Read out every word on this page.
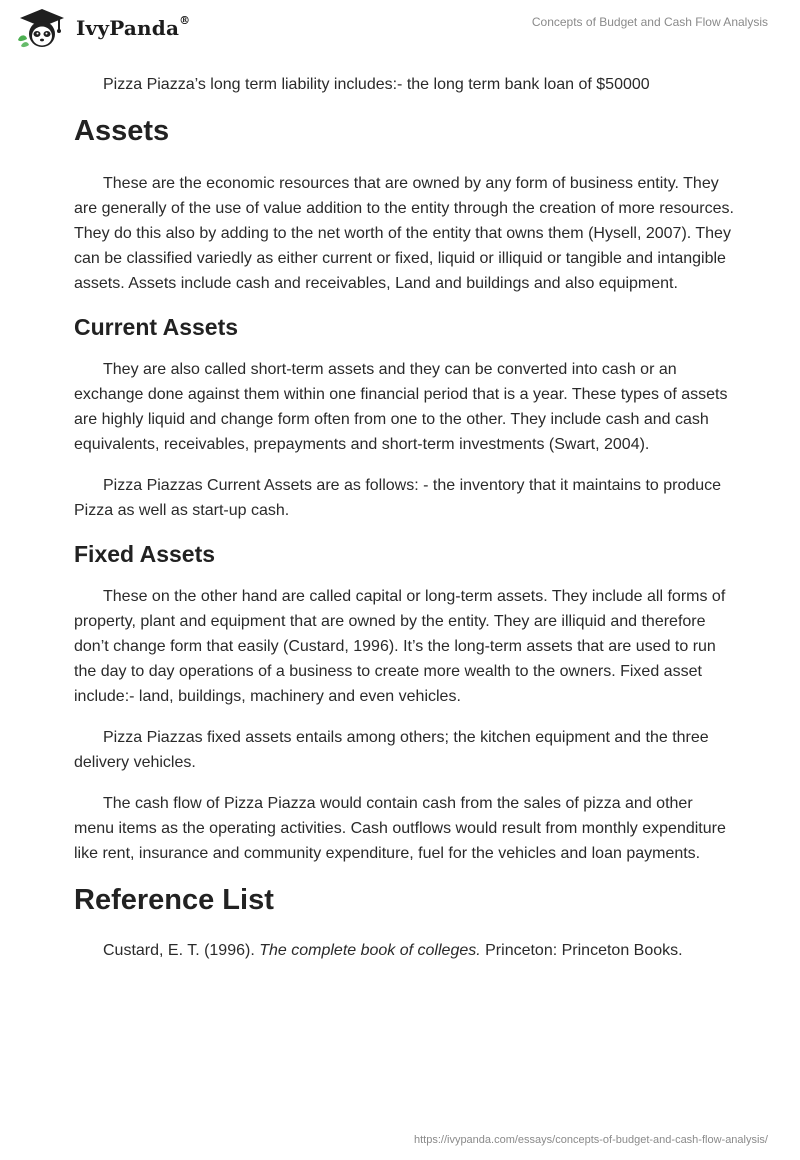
IvyPanda®	Concepts of Budget and Cash Flow Analysis

Pizza Piazza’s long term liability includes:- the long term bank loan of $50000

Assets

These are the economic resources that are owned by any form of business entity. They are generally of the use of value addition to the entity through the creation of more resources. They do this also by adding to the net worth of the entity that owns them (Hysell, 2007). They can be classified variedly as either current or fixed, liquid or illiquid or tangible and intangible assets. Assets include cash and receivables, Land and buildings and also equipment.

Current Assets

They are also called short-term assets and they can be converted into cash or an exchange done against them within one financial period that is a year. These types of assets are highly liquid and change form often from one to the other. They include cash and cash equivalents, receivables, prepayments and short-term investments (Swart, 2004).

Pizza Piazzas Current Assets are as follows: - the inventory that it maintains to produce Pizza as well as start-up cash.

Fixed Assets

These on the other hand are called capital or long-term assets. They include all forms of property, plant and equipment that are owned by the entity. They are illiquid and therefore don’t change form that easily (Custard, 1996). It’s the long-term assets that are used to run the day to day operations of a business to create more wealth to the owners. Fixed asset include:- land, buildings, machinery and even vehicles.

Pizza Piazzas fixed assets entails among others; the kitchen equipment and the three delivery vehicles.

The cash flow of Pizza Piazza would contain cash from the sales of pizza and other menu items as the operating activities. Cash outflows would result from monthly expenditure like rent, insurance and community expenditure, fuel for the vehicles and loan payments.

Reference List

Custard, E. T. (1996). The complete book of colleges. Princeton: Princeton Books.

https://ivypanda.com/essays/concepts-of-budget-and-cash-flow-analysis/
